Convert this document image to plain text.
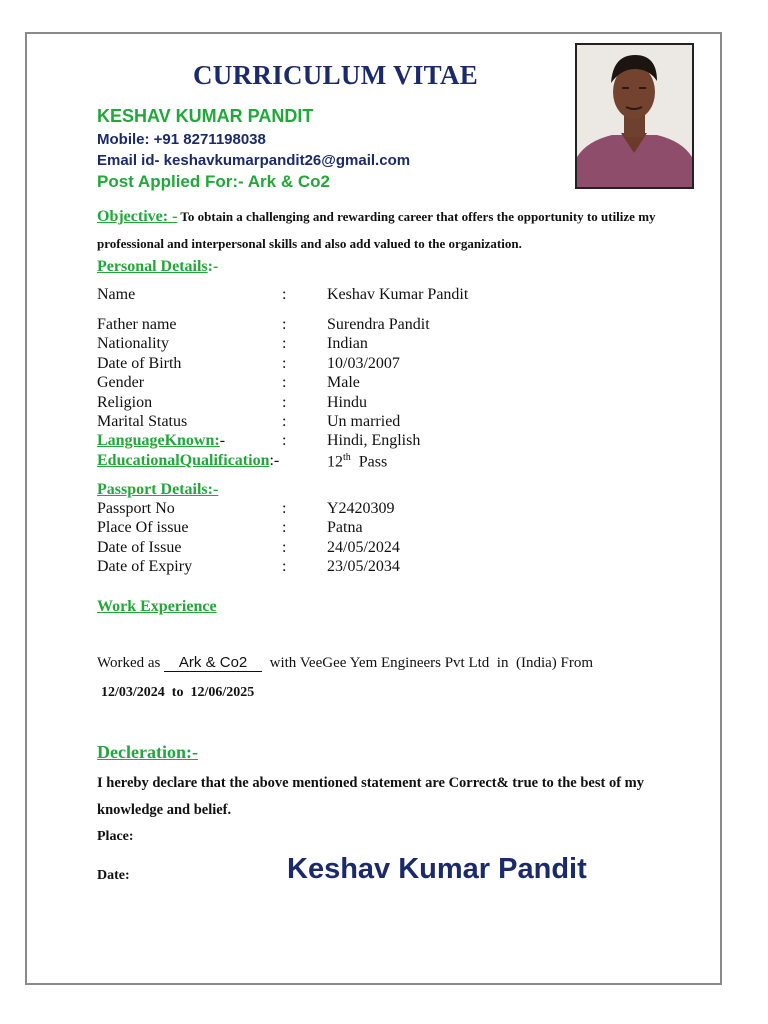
CURRICULUM VITAE
KESHAV KUMAR PANDIT
Mobile: +91 8271198038
Email id- keshavkumarpandit26@gmail.com
Post Applied For:- Ark & Co2
Objective: - To obtain a challenging and rewarding career that offers the opportunity to utilize my professional and interpersonal skills and also add valued to the organization.
Personal Details:-
Name	:	Keshav Kumar Pandit
Father name	:	Surendra Pandit
Nationality	:	Indian
Date of Birth	:	10/03/2007
Gender	:	Male
Religion	:	Hindu
Marital Status	:	Un married
LanguageKnown:-	:	Hindi, English
EducationalQualification:-	12th  Pass
Passport Details:-
Passport No	:	Y2420309
Place Of issue	:	Patna
Date of Issue	:	24/05/2024
Date of Expiry	:	23/05/2034
Work Experience
Worked as Ark & Co2  with VeeGee Yem Engineers Pvt Ltd  in  (India) From
12/03/2024  to  12/06/2025
Decleration:-
I hereby declare that the above mentioned statement are Correct& true to the best of my knowledge and belief.
Place:
Date:	Keshav Kumar Pandit
